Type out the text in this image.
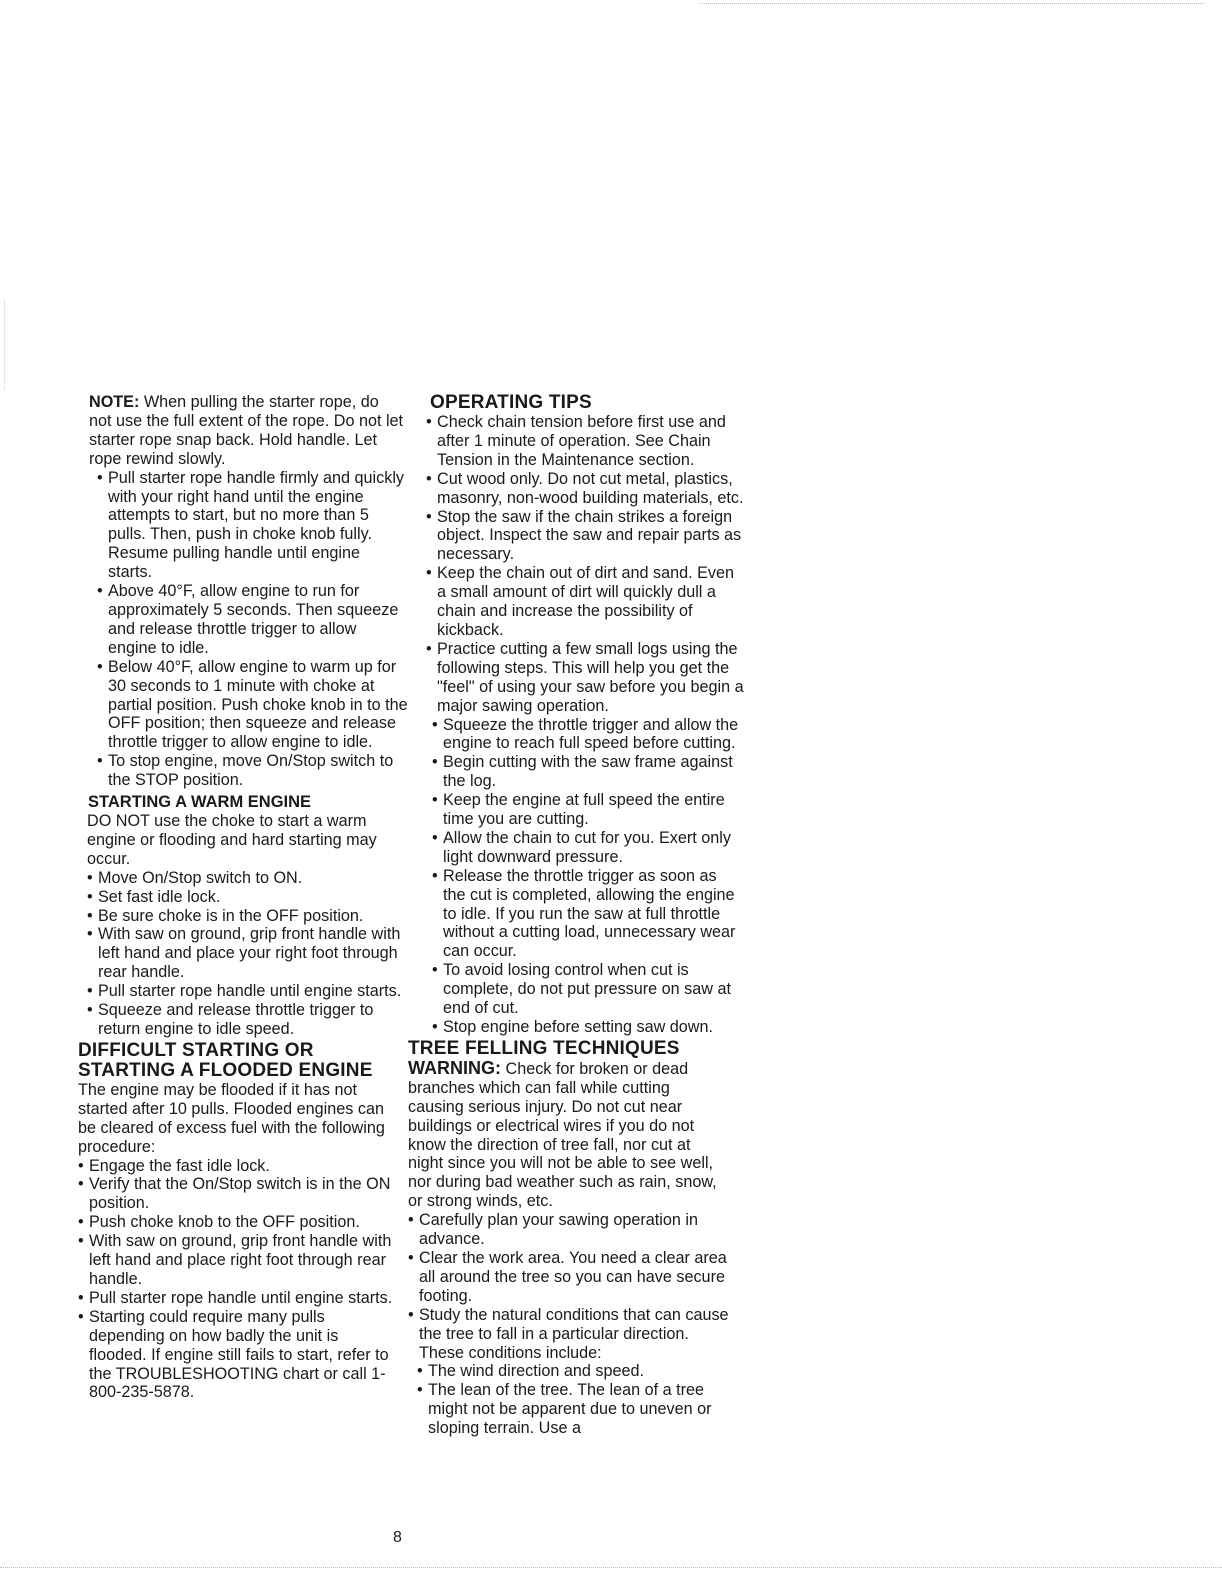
NOTE: When pulling the starter rope, do not use the full extent of the rope. Do not let starter rope snap back. Hold handle. Let rope rewind slowly.

• Pull starter rope handle firmly and quickly with your right hand until the engine attempts to start, but no more than 5 pulls. Then, push in choke knob fully. Resume pulling handle until engine starts.
• Above 40°F, allow engine to run for approximately 5 seconds. Then squeeze and release throttle trigger to allow engine to idle.
• Below 40°F, allow engine to warm up for 30 seconds to 1 minute with choke at partial position. Push choke knob in to the OFF position; then squeeze and release throttle trigger to allow engine to idle.
• To stop engine, move On/Stop switch to the STOP position.
STARTING A WARM ENGINE

DO NOT use the choke to start a warm engine or flooding and hard starting may occur.

• Move On/Stop switch to ON.
• Set fast idle lock.
• Be sure choke is in the OFF position.
• With saw on ground, grip front handle with left hand and place your right foot through rear handle.
• Pull starter rope handle until engine starts.
• Squeeze and release throttle trigger to return engine to idle speed.
DIFFICULT STARTING OR
STARTING A FLOODED ENGINE

The engine may be flooded if it has not started after 10 pulls. Flooded engines can be cleared of excess fuel with the following procedure:

• Engage the fast idle lock.
• Verify that the On/Stop switch is in the ON position.
• Push choke knob to the OFF position.
• With saw on ground, grip front handle with left hand and place right foot through rear handle.
• Pull starter rope handle until engine starts.
• Starting could require many pulls depending on how badly the unit is flooded. If engine still fails to start, refer to the TROUBLESHOOTING chart or call 1-800-235-5878.
OPERATING TIPS
• Check chain tension before first use and after 1 minute of operation. See Chain Tension in the Maintenance section.
• Cut wood only. Do not cut metal, plastics, masonry, non-wood building materials, etc.
• Stop the saw if the chain strikes a foreign object. Inspect the saw and repair parts as necessary.
• Keep the chain out of dirt and sand. Even a small amount of dirt will quickly dull a chain and increase the possibility of kickback.
• Practice cutting a few small logs using the following steps. This will help you get the "feel" of using your saw before you begin a major sawing operation.
• Squeeze the throttle trigger and allow the engine to reach full speed before cutting.
• Begin cutting with the saw frame against the log.
• Keep the engine at full speed the entire time you are cutting.
• Allow the chain to cut for you. Exert only light downward pressure.
• Release the throttle trigger as soon as the cut is completed, allowing the engine to idle. If you run the saw at full throttle without a cutting load, unnecessary wear can occur.
• To avoid losing control when cut is complete, do not put pressure on saw at end of cut.
• Stop engine before setting saw down.
TREE FELLING TECHNIQUES

WARNING: Check for broken or dead branches which can fall while cutting causing serious injury. Do not cut near buildings or electrical wires if you do not know the direction of tree fall, nor cut at night since you will not be able to see well, nor during bad weather such as rain, snow, or strong winds, etc.

• Carefully plan your sawing operation in advance.
• Clear the work area. You need a clear area all around the tree so you can have secure footing.
• Study the natural conditions that can cause the tree to fall in a particular direction. These conditions include:
• The wind direction and speed.
• The lean of the tree. The lean of a tree might not be apparent due to uneven or sloping terrain. Use a
8
